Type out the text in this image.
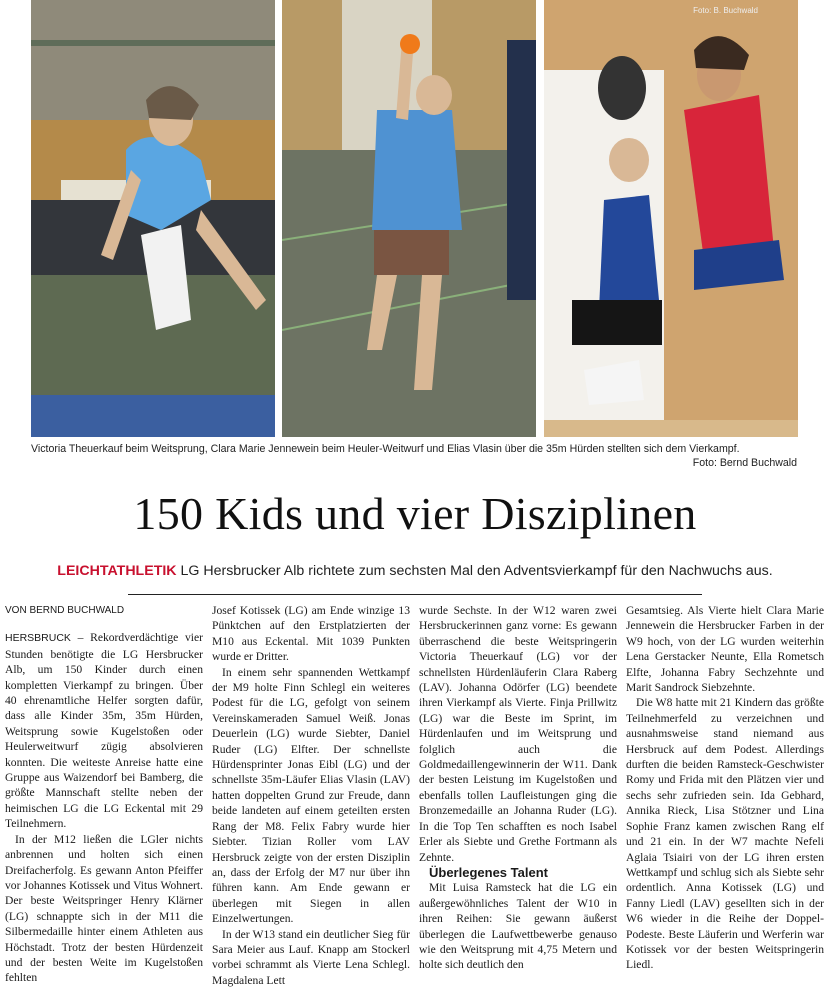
Foto: B. Buchwald
Victoria Theuerkauf beim Weitsprung, Clara Marie Jennewein beim Heuler-Weitwurf und Elias Vlasin über die 35m Hürden stellten sich dem Vierkampf.
Foto: Bernd Buchwald
150 Kids und vier Disziplinen
LEICHTATHLETIK LG Hersbrucker Alb richtete zum sechsten Mal den Adventsvierkampf für den Nachwuchs aus.
VON BERND BUCHWALD

HERSBRUCK – Rekordverdächtige vier Stunden benötigte die LG Hersbrucker Alb, um 150 Kinder durch einen kompletten Vierkampf zu bringen. Über 40 ehrenamtliche Helfer sorgten dafür, dass alle Kinder 35m, 35m Hürden, Weitsprung sowie Kugelstoßen oder Heulerweitwurf zügig absolvieren konnten. Die weiteste Anreise hatte eine Gruppe aus Waizendorf bei Bamberg, die größte Mannschaft stellte neben der heimischen LG die LG Eckental mit 29 Teilnehmern.

In der M12 ließen die LGler nichts anbrennen und holten sich einen Dreifacherfolg. Es gewann Anton Pfeiffer vor Johannes Kotissek und Vitus Wohnert. Der beste Weitspringer Henry Klärner (LG) schnappte sich in der M11 die Silbermedaille hinter einem Athleten aus Höchstadt. Trotz der besten Hürdenzeit und der besten Weite im Kugelstoßen fehlten

Josef Kotissek (LG) am Ende winzige 13 Pünktchen auf den Erstplatzierten der M10 aus Eckental. Mit 1039 Punkten wurde er Dritter.

In einem sehr spannenden Wettkampf der M9 holte Finn Schlegl ein weiteres Podest für die LG, gefolgt von seinem Vereinskameraden Samuel Weiß. Jonas Deuerlein (LG) wurde Siebter, Daniel Ruder (LG) Elfter. Der schnellste Hürdensprinter Jonas Eibl (LG) und der schnellste 35m-Läufer Elias Vlasin (LAV) hatten doppelten Grund zur Freude, dann beide landeten auf einem geteilten ersten Rang der M8. Felix Fabry wurde hier Siebter. Tizian Roller vom LAV Hersbruck zeigte von der ersten Disziplin an, dass der Erfolg der M7 nur über ihn führen kann. Am Ende gewann er überlegen mit Siegen in allen Einzelwertungen.

In der W13 stand ein deutlicher Sieg für Sara Meier aus Lauf. Knapp am Stockerl vorbei schrammt als Vierte Lena Schlegl. Magdalena Lett

wurde Sechste. In der W12 waren zwei Hersbruckerinnen ganz vorne: Es gewann überraschend die beste Weitspringerin Victoria Theuerkauf (LG) vor der schnellsten Hürdenläuferin Clara Raberg (LAV). Johanna Odörfer (LG) beendete ihren Vierkampf als Vierte. Finja Prillwitz (LG) war die Beste im Sprint, im Hürdenlaufen und im Weitsprung und folglich auch die Goldmedaillengewinnerin der W11. Dank der besten Leistung im Kugelstoßen und ebenfalls tollen Laufleistungen ging die Bronzemedaille an Johanna Ruder (LG). In die Top Ten schafften es noch Isabel Erler als Siebte und Grethe Fortmann als Zehnte.

Überlegenes Talent

Mit Luisa Ramsteck hat die LG ein außergewöhnliches Talent der W10 in ihren Reihen: Sie gewann äußerst überlegen die Laufwettbewerbe genauso wie den Weitsprung mit 4,75 Metern und holte sich deutlich den

Gesamtsieg. Als Vierte hielt Clara Marie Jennewein die Hersbrucker Farben in der W9 hoch, von der LG wurden weiterhin Lena Gerstacker Neunte, Ella Rometsch Elfte, Johanna Fabry Sechzehnte und Marit Sandrock Siebzehnte.

Die W8 hatte mit 21 Kindern das größte Teilnehmerfeld zu verzeichnen und ausnahmsweise stand niemand aus Hersbruck auf dem Podest. Allerdings durften die beiden Ramsteck-Geschwister Romy und Frida mit den Plätzen vier und sechs sehr zufrieden sein. Ida Gebhard, Annika Rieck, Lisa Stötzner und Lina Sophie Franz kamen zwischen Rang elf und 21 ein. In der W7 machte Nefeli Aglaia Tsiairi von der LG ihren ersten Wettkampf und schlug sich als Siebte sehr ordentlich. Anna Kotissek (LG) und Fanny Liedl (LAV) gesellten sich in der W6 wieder in die Reihe der Doppel-Podeste. Beste Läuferin und Werferin war Kotissek vor der besten Weitspringerin Liedl.
